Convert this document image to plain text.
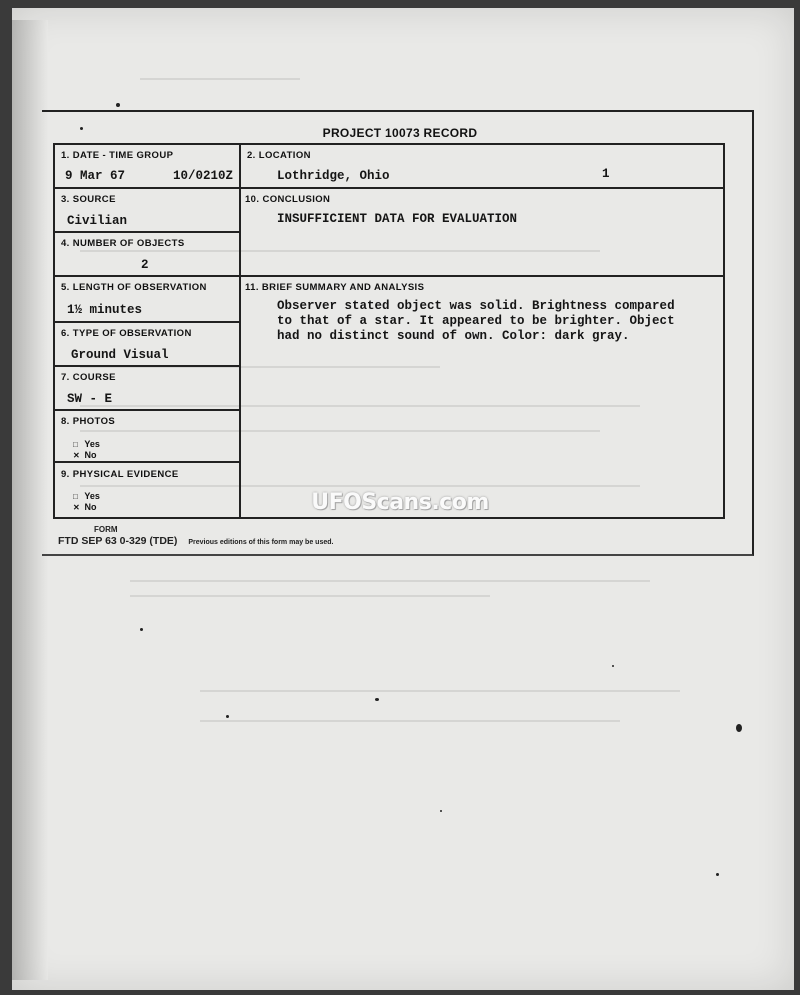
PROJECT 10073 RECORD
1. DATE - TIME GROUP
9 Mar 67	10/0210Z
2. LOCATION
Lothridge, Ohio	1
3. SOURCE
Civilian
10. CONCLUSION
INSUFFICIENT DATA FOR EVALUATION
4. NUMBER OF OBJECTS
2
5. LENGTH OF OBSERVATION
1½ minutes
11. BRIEF SUMMARY AND ANALYSIS
Observer stated object was solid. Brightness compared
to that of a star. It appeared to be brighter. Object
had no distinct sound of own. Color: dark gray.
6. TYPE OF OBSERVATION
Ground Visual
7. COURSE
SW - E
8. PHOTOS
□ Yes
✕ No
9. PHYSICAL EVIDENCE
□ Yes
✕ No
FORM
FTD SEP 63 0-329 (TDE) Previous editions of this form may be used.
UFOScans.com
